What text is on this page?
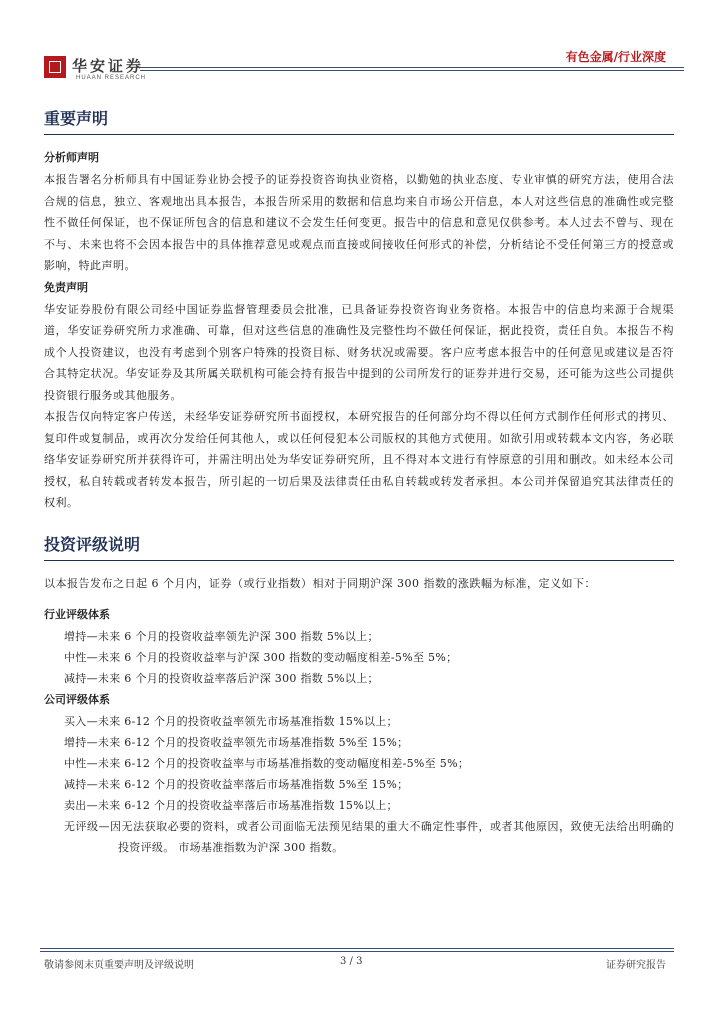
华安证券
HUAAN RESEARCH
有色金属/行业深度
重要声明

分析师声明

本报告署名分析师具有中国证券业协会授予的证券投资咨询执业资格，以勤勉的执业态度、专业审慎的研究方法，使用合法合规的信息，独立、客观地出具本报告，本报告所采用的数据和信息均来自市场公开信息，本人对这些信息的准确性或完整性不做任何保证，也不保证所包含的信息和建议不会发生任何变更。报告中的信息和意见仅供参考。本人过去不曾与、现在不与、未来也将不会因本报告中的具体推荐意见或观点而直接或间接收任何形式的补偿，分析结论不受任何第三方的授意或影响，特此声明。

免责声明

华安证券股份有限公司经中国证券监督管理委员会批准，已具备证券投资咨询业务资格。本报告中的信息均来源于合规渠道，华安证券研究所力求准确、可靠，但对这些信息的准确性及完整性均不做任何保证，据此投资，责任自负。本报告不构成个人投资建议，也没有考虑到个别客户特殊的投资目标、财务状况或需要。客户应考虑本报告中的任何意见或建议是否符合其特定状况。华安证券及其所属关联机构可能会持有报告中提到的公司所发行的证券并进行交易，还可能为这些公司提供投资银行服务或其他服务。

本报告仅向特定客户传送，未经华安证券研究所书面授权，本研究报告的任何部分均不得以任何方式制作任何形式的拷贝、复印件或复制品，或再次分发给任何其他人，或以任何侵犯本公司版权的其他方式使用。如欲引用或转载本文内容，务必联络华安证券研究所并获得许可，并需注明出处为华安证券研究所，且不得对本文进行有悖原意的引用和删改。如未经本公司授权，私自转载或者转发本报告，所引起的一切后果及法律责任由私自转载或转发者承担。本公司并保留追究其法律责任的权利。

投资评级说明

以本报告发布之日起 6 个月内，证券（或行业指数）相对于同期沪深 300 指数的涨跌幅为标准，定义如下：

行业评级体系

增持—未来 6 个月的投资收益率领先沪深 300 指数 5%以上；

中性—未来 6 个月的投资收益率与沪深 300 指数的变动幅度相差-5%至 5%；

减持—未来 6 个月的投资收益率落后沪深 300 指数 5%以上；

公司评级体系

买入—未来 6-12 个月的投资收益率领先市场基准指数 15%以上；

增持—未来 6-12 个月的投资收益率领先市场基准指数 5%至 15%；

中性—未来 6-12 个月的投资收益率与市场基准指数的变动幅度相差-5%至 5%；

减持—未来 6-12 个月的投资收益率落后市场基准指数 5%至 15%；

卖出—未来 6-12 个月的投资收益率落后市场基准指数 15%以上；

无评级—因无法获取必要的资料，或者公司面临无法预见结果的重大不确定性事件，或者其他原因，致使无法给出明确的投资评级。 市场基准指数为沪深 300 指数。

敬请参阅末页重要声明及评级说明	3 / 3	证券研究报告
